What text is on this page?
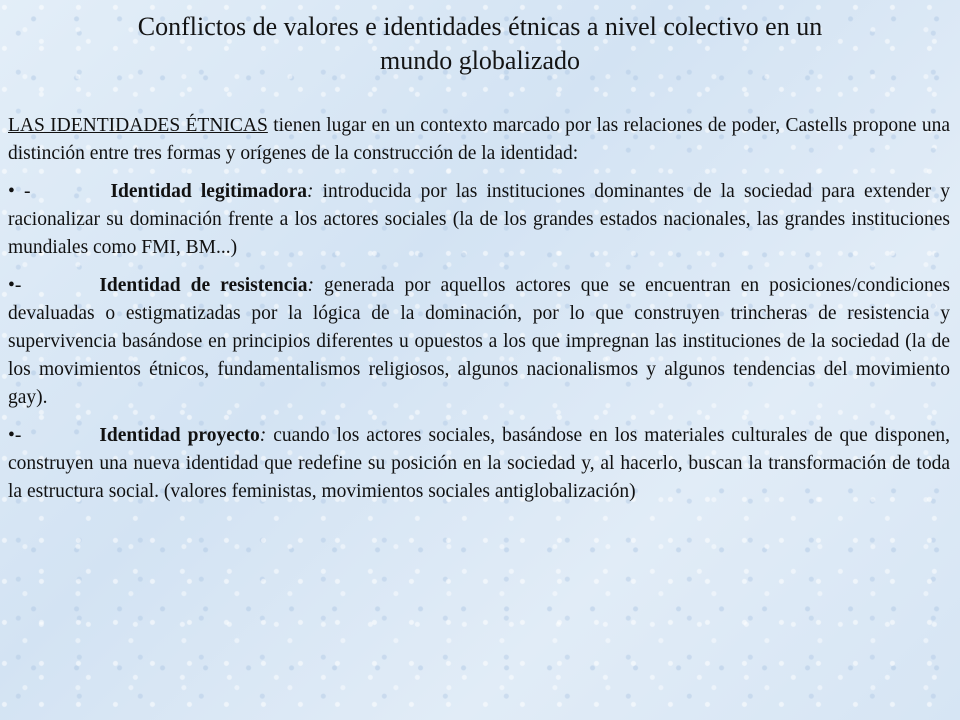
Conflictos de valores e identidades étnicas a nivel colectivo en un
mundo globalizado

LAS IDENTIDADES ÉTNICAS tienen lugar en un contexto marcado por las relaciones de poder, Castells propone una distinción entre tres formas y orígenes de la construcción de la identidad:

• -	Identidad legitimadora: introducida por las instituciones dominantes de la sociedad para extender y racionalizar su dominación frente a los actores sociales (la de los grandes estados nacionales, las grandes instituciones mundiales como FMI, BM...)

•-	Identidad de resistencia: generada por aquellos actores que se encuentran en posiciones/condiciones devaluadas o estigmatizadas por la lógica de la dominación, por lo que construyen trincheras de resistencia y supervivencia basándose en principios diferentes u opuestos a los que impregnan las instituciones de la sociedad (la de los movimientos étnicos, fundamentalismos religiosos, algunos nacionalismos y algunos tendencias del movimiento gay).

•-	Identidad proyecto: cuando los actores sociales, basándose en los materiales culturales de que disponen, construyen una nueva identidad que redefine su posición en la sociedad y, al hacerlo, buscan la transformación de toda la estructura social. (valores feministas, movimientos sociales antiglobalización)
